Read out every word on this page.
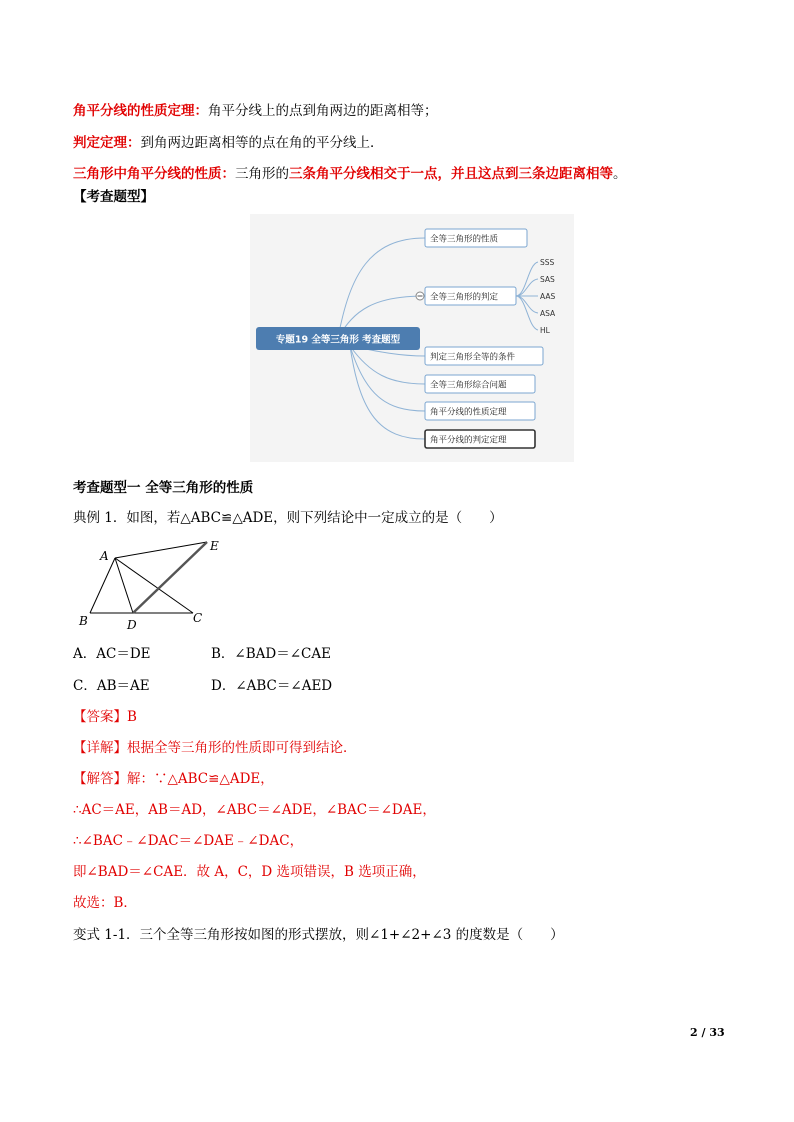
角平分线的性质定理：角平分线上的点到角两边的距离相等；
判定定理：到角两边距离相等的点在角的平分线上．
三角形中角平分线的性质：三角形的三条角平分线相交于一点，并且这点到三条边距离相等。
【考查题型】
专题19 全等三角形 考查题型
全等三角形的性质
全等三角形的判定
判定三角形全等的条件
全等三角形综合问题
角平分线的性质定理
角平分线的判定定理
SSS
SAS
AAS
ASA
HL
考查题型一 全等三角形的性质
典例 1．如图，若△ABC≌△ADE，则下列结论中一定成立的是（　　）
A
E
B	D	C
A．AC＝DE	B．∠BAD＝∠CAE
C．AB＝AE	D．∠ABC＝∠AED
【答案】B
【详解】根据全等三角形的性质即可得到结论．
【解答】解：∵△ABC≌△ADE，
∴AC＝AE，AB＝AD，∠ABC＝∠ADE，∠BAC＝∠DAE，
∴∠BAC﹣∠DAC＝∠DAE﹣∠DAC，
即∠BAD＝∠CAE．故 A，C，D 选项错误，B 选项正确，
故选：B．
变式 1-1．三个全等三角形按如图的形式摆放，则∠1+∠2+∠3 的度数是（　　）
2 / 33
